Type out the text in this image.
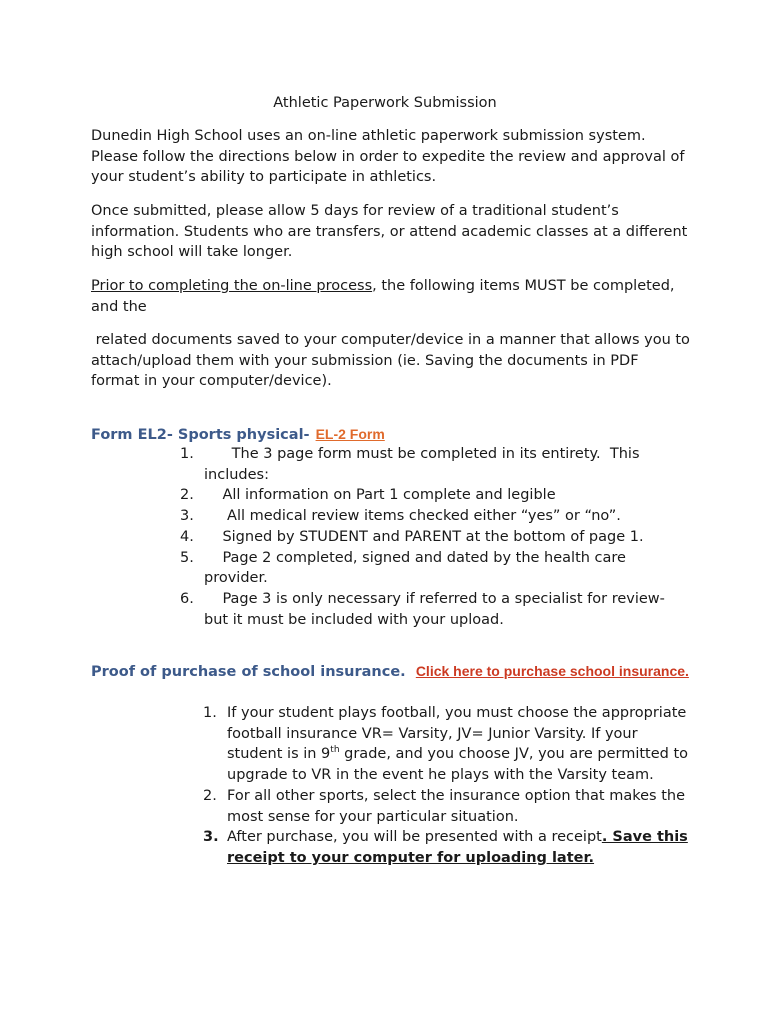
Athletic Paperwork Submission

Dunedin High School uses an on-line athletic paperwork submission system. Please follow the directions below in order to expedite the review and approval of your student’s ability to participate in athletics.

Once submitted, please allow 5 days for review of a traditional student’s information. Students who are transfers, or attend academic classes at a different high school will take longer.

Prior to completing the on-line process, the following items MUST be completed, and the

related documents saved to your computer/device in a manner that allows you to attach/upload them with your submission (ie. Saving the documents in PDF format in your computer/device).

Form EL2- Sports physical- EL-2 Form
1. The 3 page form must be completed in its entirety.  This includes:
2. All information on Part 1 complete and legible
3. All medical review items checked either “yes” or “no”.
4. Signed by STUDENT and PARENT at the bottom of page 1.
5. Page 2 completed, signed and dated by the health care provider.
6. Page 3 is only necessary if referred to a specialist for review- but it must be included with your upload.
Proof of purchase of school insurance. Click here to purchase school insurance.
1. If your student plays football, you must choose the appropriate football insurance VR= Varsity, JV= Junior Varsity. If your student is in 9th grade, and you choose JV, you are permitted to upgrade to VR in the event he plays with the Varsity team.
2. For all other sports, select the insurance option that makes the most sense for your particular situation.
3. After purchase, you will be presented with a receipt. Save this receipt to your computer for uploading later.
